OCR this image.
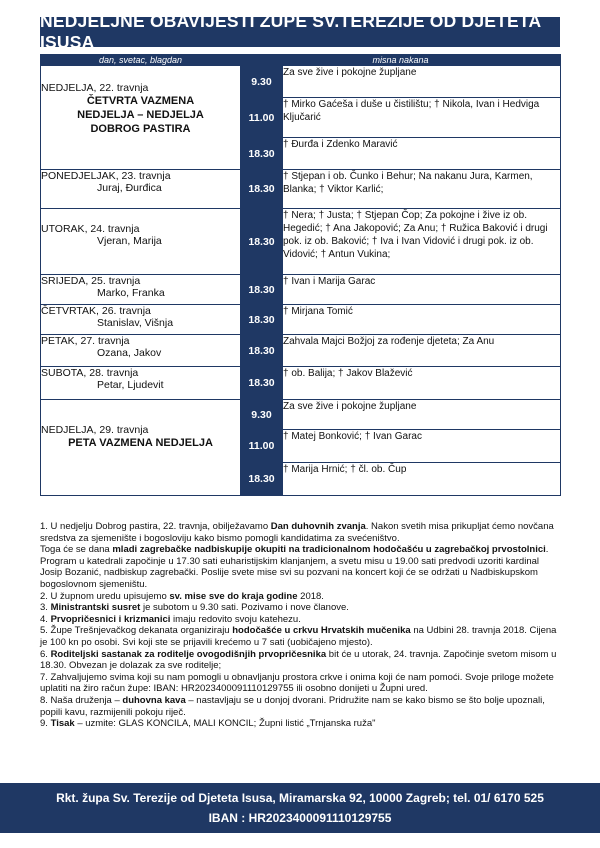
NEDJELJNE OBAVIJESTI ŽUPE SV.TEREZIJE OD DJETETA ISUSA
dan, svetac, blagdan	misna nakana	

NEDJELJA, 22. travnja
ČETVRTA VAZMENA NEDJELJA – NEDJELJA DOBROG PASTIRA	9.30	Za sve žive i pokojne župljane
	11.00	† Mirko Gaćeša i duše u čistilištu; † Nikola, Ivan i Hedviga Ključarić
	18.30	† Đurđa i Zdenko Maravić

PONEDJELJAK, 23. travnja
Juraj, Đurđica	18.30	† Stjepan i ob. Čunko i Behur; Na nakanu Jura, Karmen, Blanka; † Viktor Karlić;

UTORAK, 24. travnja
Vjeran, Marija	18.30	† Nera; † Justa; † Stjepan Čop; Za pokojne i žive iz ob. Hegedić; † Ana Jakopović; Za Anu; † Ružica Baković i drugi pok. iz ob. Baković; † Iva i Ivan Vidović i drugi pok. iz ob. Vidović; † Antun Vukina;

SRIJEDA, 25. travnja
Marko, Franka	18.30	† Ivan i Marija Garac

ČETVRTAK, 26. travnja
Stanislav, Višnja	18.30	† Mirjana Tomić

PETAK, 27. travnja
Ozana, Jakov	18.30	Zahvala Majci Božjoj za rođenje djeteta; Za Anu

SUBOTA, 28. travnja
Petar, Ljudevit	18.30	† ob. Balija; † Jakov Blažević

NEDJELJA, 29. travnja
PETA VAZMENA NEDJELJA	9.30	Za sve žive i pokojne župljane
	11.00	† Matej Bonković; † Ivan Garac
	18.30	† Marija Hrnić; † čl. ob. Čup

1. U nedjelju Dobrog pastira, 22. travnja, obilježavamo Dan duhovnih zvanja. Nakon svetih misa prikupljat ćemo novčana sredstva za sjemenište i bogosloviju kako bismo pomogli kandidatima za svećeništvo.

Toga će se dana mladi zagrebačke nadbiskupije okupiti na tradicionalnom hodočašću u zagrebačkoj prvostolnici. Program u katedrali započinje u 17.30 sati euharistijskim klanjanjem, a svetu misu u 19.00 sati predvodi uzoriti kardinal Josip Bozanić, nadbiskup zagrebački. Poslije svete mise svi su pozvani na koncert koji će se održati u Nadbiskupskom bogoslovnom sjemeništu.

2. U župnom uredu upisujemo sv. mise sve do kraja godine 2018.

3. Ministrantski susret je subotom u 9.30 sati. Pozivamo i nove članove.

4. Prvopričesnici i krizmanici imaju redovito svoju katehezu.

5. Župe Trešnjevačkog dekanata organiziraju hodočašće u crkvu Hrvatskih mučenika na Udbini 28. travnja 2018. Cijena je 100 kn po osobi. Svi koji ste se prijavili krećemo u 7 sati (uobičajeno mjesto).

6. Roditeljski sastanak za roditelje ovogodišnjih prvopričesnika bit će u utorak, 24. travnja. Započinje svetom misom u 18.30. Obvezan je dolazak za sve roditelje;

7. Zahvaljujemo svima koji su nam pomogli u obnavljanju prostora crkve i onima koji će nam pomoći. Svoje priloge možete uplatiti na žiro račun župe: IBAN: HR2023400091110129755 ili osobno donijeti u Župni ured.

8. Naša druženja – duhovna kava – nastavljaju se u donjoj dvorani. Pridružite nam se kako bismo se što bolje upoznali, popili kavu, razmijenili pokoju riječ.

9. Tisak – uzmite: GLAS KONCILA, MALI KONCIL; Župni listić „Trnjanska ruža"

Rkt. župa Sv. Terezije od Djeteta Isusa, Miramarska 92, 10000 Zagreb; tel. 01/ 6170 525
IBAN : HR2023400091110129755
